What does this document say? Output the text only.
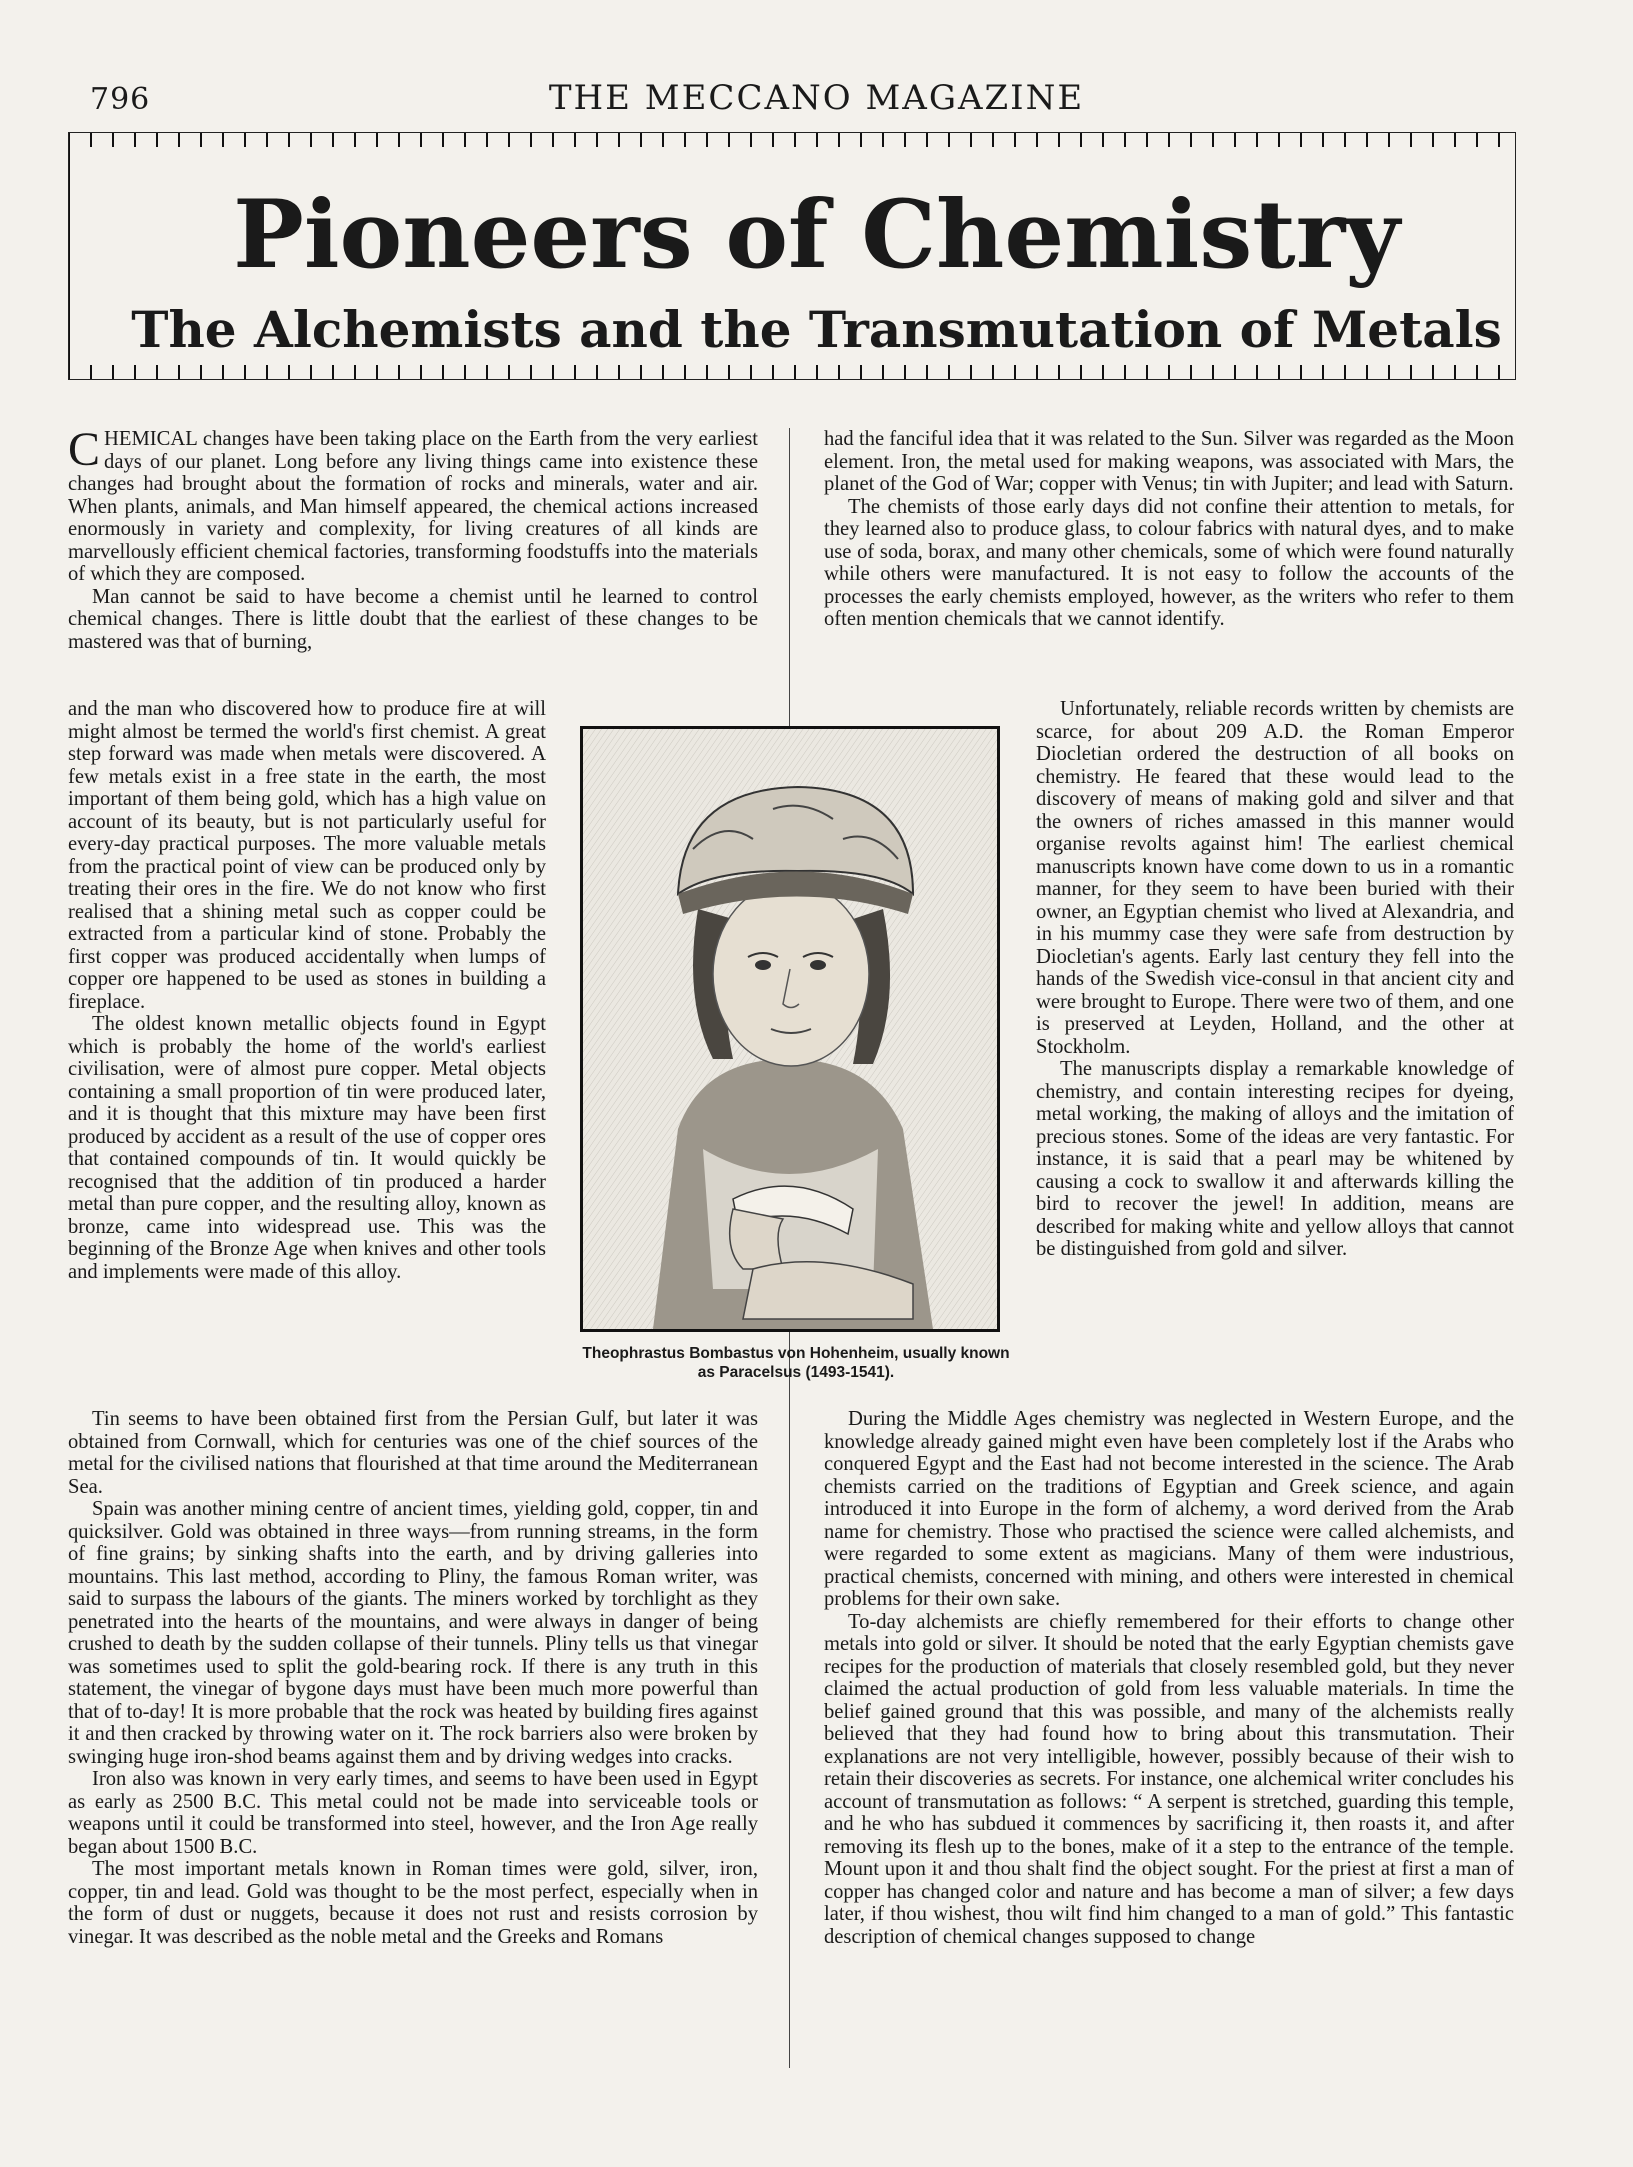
796	THE MECCANO MAGAZINE
Pioneers of Chemistry
The Alchemists and the Transmutation of Metals

CHEMICAL changes have been taking place on the Earth from the very earliest days of our planet. Long before any living things came into existence these changes had brought about the formation of rocks and minerals, water and air. When plants, animals, and Man himself appeared, the chemical actions increased enormously in variety and complexity, for living creatures of all kinds are marvellously efficient chemical factories, transforming foodstuffs into the materials of which they are composed.

Man cannot be said to have become a chemist until he learned to control chemical changes. There is little doubt that the earliest of these changes to be mastered was that of burning,

and the man who discovered how to produce fire at will might almost be termed the world's first chemist. A great step forward was made when metals were discovered. A few metals exist in a free state in the earth, the most important of them being gold, which has a high value on account of its beauty, but is not particularly useful for every-day practical purposes. The more valuable metals from the practical point of view can be produced only by treating their ores in the fire. We do not know who first realised that a shining metal such as copper could be extracted from a particular kind of stone. Probably the first copper was produced accidentally when lumps of copper ore happened to be used as stones in building a fireplace.

The oldest known metallic objects found in Egypt which is probably the home of the world's earliest civilisation, were of almost pure copper. Metal objects containing a small proportion of tin were produced later, and it is thought that this mixture may have been first produced by accident as a result of the use of copper ores that contained compounds of tin. It would quickly be recognised that the addition of tin produced a harder metal than pure copper, and the resulting alloy, known as bronze, came into widespread use. This was the beginning of the Bronze Age when knives and other tools and implements were made of this alloy.

Tin seems to have been obtained first from the Persian Gulf, but later it was obtained from Cornwall, which for centuries was one of the chief sources of the metal for the civilised nations that flourished at that time around the Mediterranean Sea.

Spain was another mining centre of ancient times, yielding gold, copper, tin and quicksilver. Gold was obtained in three ways—from running streams, in the form of fine grains; by sinking shafts into the earth, and by driving galleries into mountains. This last method, according to Pliny, the famous Roman writer, was said to surpass the labours of the giants. The miners worked by torchlight as they penetrated into the hearts of the mountains, and were always in danger of being crushed to death by the sudden collapse of their tunnels. Pliny tells us that vinegar was sometimes used to split the gold-bearing rock. If there is any truth in this statement, the vinegar of bygone days must have been much more powerful than that of to-day! It is more probable that the rock was heated by building fires against it and then cracked by throwing water on it. The rock barriers also were broken by swinging huge iron-shod beams against them and by driving wedges into cracks.

Iron also was known in very early times, and seems to have been used in Egypt as early as 2500 B.C. This metal could not be made into serviceable tools or weapons until it could be transformed into steel, however, and the Iron Age really began about 1500 B.C.

The most important metals known in Roman times were gold, silver, iron, copper, tin and lead. Gold was thought to be the most perfect, especially when in the form of dust or nuggets, because it does not rust and resists corrosion by vinegar. It was described as the noble metal and the Greeks and Romans

had the fanciful idea that it was related to the Sun. Silver was regarded as the Moon element. Iron, the metal used for making weapons, was associated with Mars, the planet of the God of War; copper with Venus; tin with Jupiter; and lead with Saturn.

The chemists of those early days did not confine their attention to metals, for they learned also to produce glass, to colour fabrics with natural dyes, and to make use of soda, borax, and many other chemicals, some of which were found naturally while others were manufactured. It is not easy to follow the accounts of the processes the early chemists employed, however, as the writers who refer to them often mention chemicals that we cannot identify.

Unfortunately, reliable records written by chemists are scarce, for about 209 A.D. the Roman Emperor Diocletian ordered the destruction of all books on chemistry. He feared that these would lead to the discovery of means of making gold and silver and that the owners of riches amassed in this manner would organise revolts against him! The earliest chemical manuscripts known have come down to us in a romantic manner, for they seem to have been buried with their owner, an Egyptian chemist who lived at Alexandria, and in his mummy case they were safe from destruction by Diocletian's agents. Early last century they fell into the hands of the Swedish vice-consul in that ancient city and were brought to Europe. There were two of them, and one is preserved at Leyden, Holland, and the other at Stockholm.

The manuscripts display a remarkable knowledge of chemistry, and contain interesting recipes for dyeing, metal working, the making of alloys and the imitation of precious stones. Some of the ideas are very fantastic. For instance, it is said that a pearl may be whitened by causing a cock to swallow it and afterwards killing the bird to recover the jewel! In addition, means are described for making white and yellow alloys that cannot be distinguished from gold and silver.

During the Middle Ages chemistry was neglected in Western Europe, and the knowledge already gained might even have been completely lost if the Arabs who conquered Egypt and the East had not become interested in the science. The Arab chemists carried on the traditions of Egyptian and Greek science, and again introduced it into Europe in the form of alchemy, a word derived from the Arab name for chemistry. Those who practised the science were called alchemists, and were regarded to some extent as magicians. Many of them were industrious, practical chemists, concerned with mining, and others were interested in chemical problems for their own sake.

To-day alchemists are chiefly remembered for their efforts to change other metals into gold or silver. It should be noted that the early Egyptian chemists gave recipes for the production of materials that closely resembled gold, but they never claimed the actual production of gold from less valuable materials. In time the belief gained ground that this was possible, and many of the alchemists really believed that they had found how to bring about this transmutation. Their explanations are not very intelligible, however, possibly because of their wish to retain their discoveries as secrets. For instance, one alchemical writer concludes his account of transmutation as follows: “ A serpent is stretched, guarding this temple, and he who has subdued it commences by sacrificing it, then roasts it, and after removing its flesh up to the bones, make of it a step to the entrance of the temple. Mount upon it and thou shalt find the object sought. For the priest at first a man of copper has changed color and nature and has become a man of silver; a few days later, if thou wishest, thou wilt find him changed to a man of gold.” This fantastic description of chemical changes supposed to change

Theophrastus Bombastus von Hohenheim, usually known as Paracelsus (1493-1541).
